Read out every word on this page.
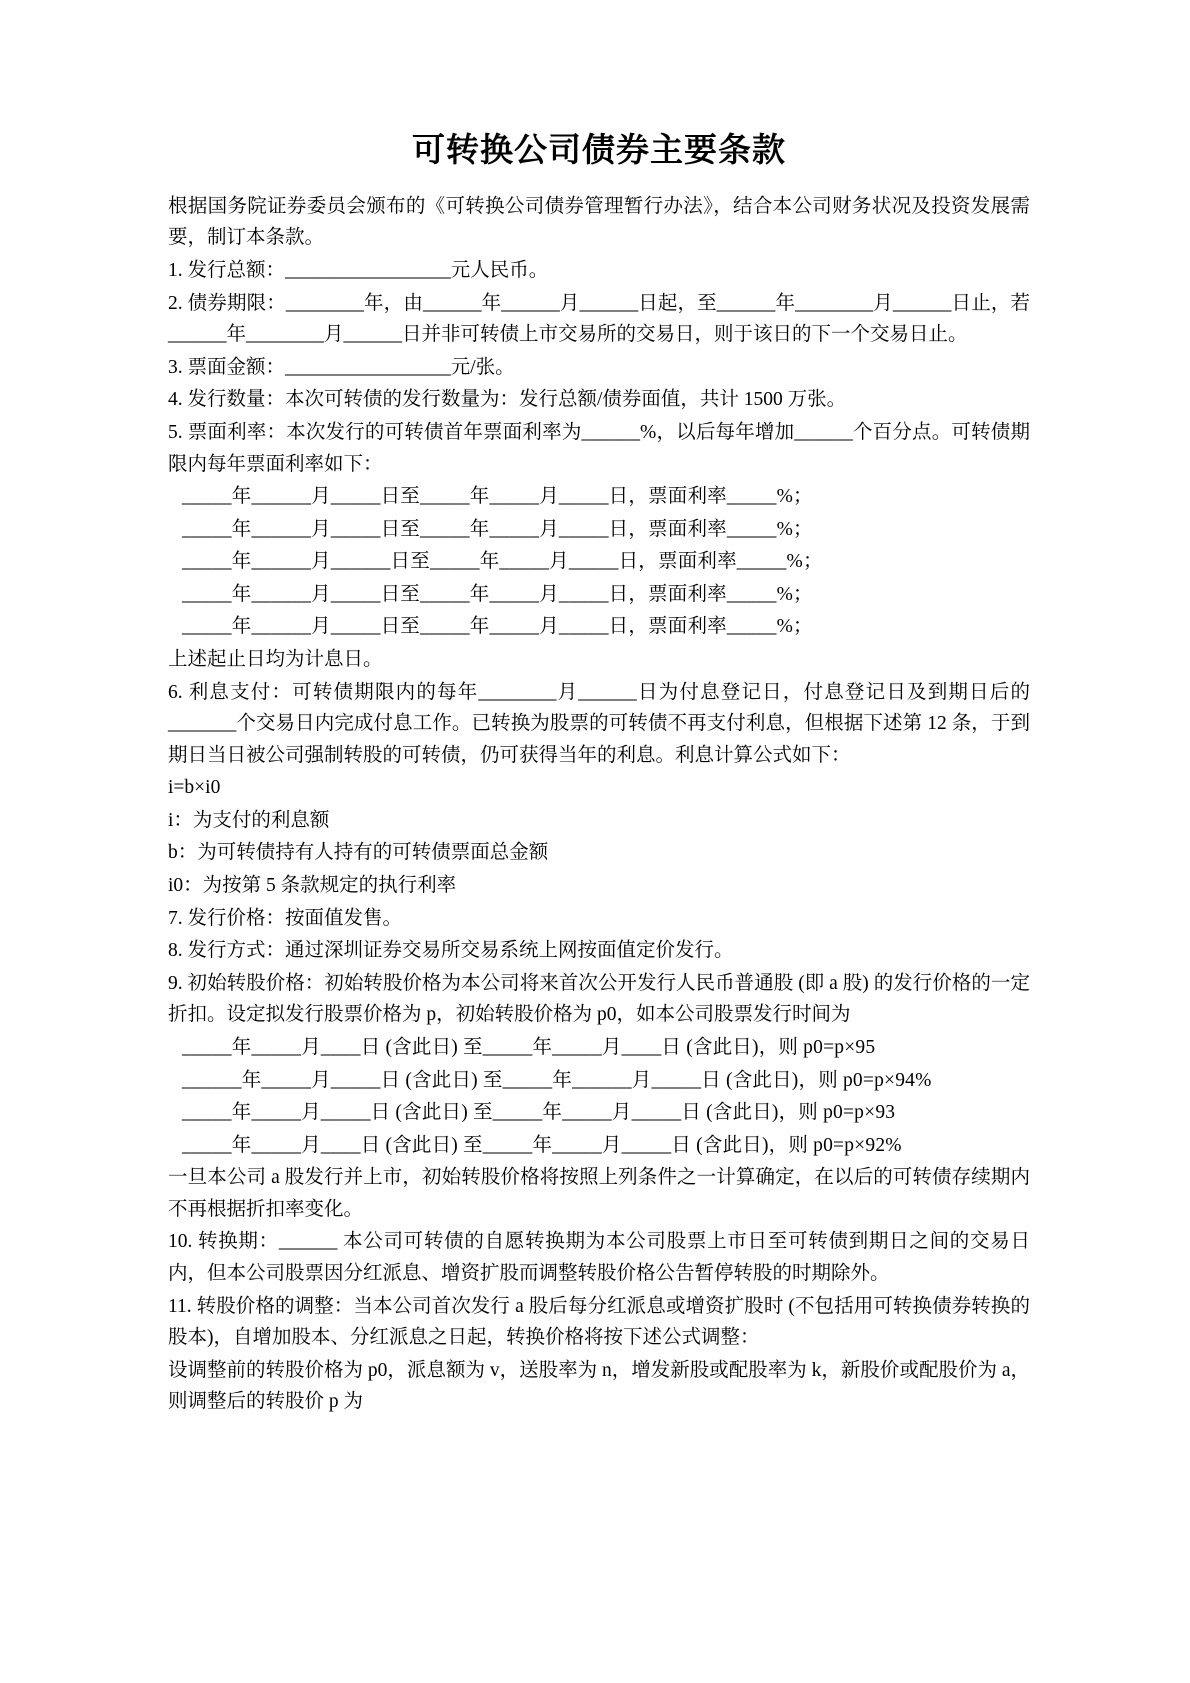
可转换公司债券主要条款

根据国务院证券委员会颁布的《可转换公司债券管理暂行办法》，结合本公司财务状况及投资发展需要，制订本条款。

1. 发行总额：_________________元人民币。

2. 债券期限：________年，由______年______月______日起，至______年________月______日止，若______年________月______日并非可转债上市交易所的交易日，则于该日的下一个交易日止。

3. 票面金额：_________________元/张。

4. 发行数量：本次可转债的发行数量为：发行总额/债券面值，共计 1500 万张。

5. 票面利率：本次发行的可转债首年票面利率为______%，以后每年增加______个百分点。可转债期限内每年票面利率如下：

_____年______月_____日至_____年_____月_____日，票面利率_____%；

_____年______月_____日至_____年_____月_____日，票面利率_____%；

_____年______月______日至_____年_____月_____日，票面利率_____%；

_____年______月_____日至_____年_____月_____日，票面利率_____%；

_____年______月_____日至_____年_____月_____日，票面利率_____%；

上述起止日均为计息日。

6. 利息支付：可转债期限内的每年________月______日为付息登记日，付息登记日及到期日后的_______个交易日内完成付息工作。已转换为股票的可转债不再支付利息，但根据下述第 12 条，于到期日当日被公司强制转股的可转债，仍可获得当年的利息。利息计算公式如下：

i=b×i0

i：为支付的利息额

b：为可转债持有人持有的可转债票面总金额

i0：为按第 5 条款规定的执行利率

7. 发行价格：按面值发售。

8. 发行方式：通过深圳证券交易所交易系统上网按面值定价发行。

9. 初始转股价格：初始转股价格为本公司将来首次公开发行人民币普通股 (即 a 股) 的发行价格的一定折扣。设定拟发行股票价格为 p，初始转股价格为 p0，如本公司股票发行时间为

_____年_____月____日 (含此日) 至_____年_____月____日 (含此日)，则 p0=p×95

______年_____月_____日 (含此日) 至_____年______月_____日 (含此日)，则 p0=p×94%

_____年_____月_____日 (含此日) 至_____年_____月_____日 (含此日)，则 p0=p×93

_____年_____月____日 (含此日) 至_____年_____月_____日 (含此日)，则 p0=p×92%

一旦本公司 a 股发行并上市，初始转股价格将按照上列条件之一计算确定，在以后的可转债存续期内不再根据折扣率变化。

10. 转换期：______ 本公司可转债的自愿转换期为本公司股票上市日至可转债到期日之间的交易日内，但本公司股票因分红派息、增资扩股而调整转股价格公告暂停转股的时期除外。

11. 转股价格的调整：当本公司首次发行 a 股后每分红派息或增资扩股时 (不包括用可转换债券转换的股本)，自增加股本、分红派息之日起，转换价格将按下述公式调整：

设调整前的转股价格为 p0，派息额为 v，送股率为 n，增发新股或配股率为 k，新股价或配股价为 a，则调整后的转股价 p 为
